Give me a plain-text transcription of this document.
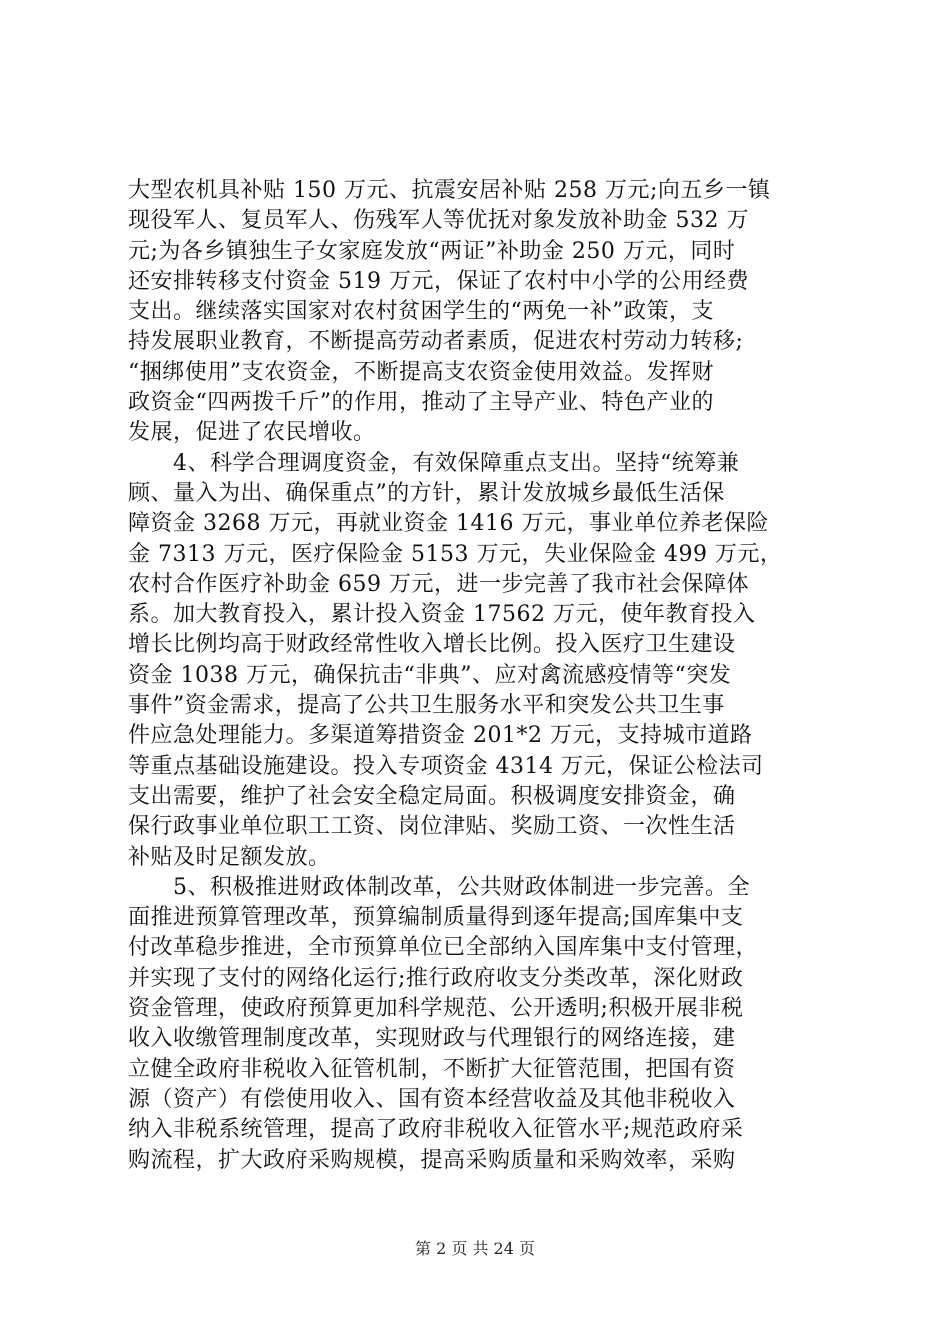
大型农机具补贴 150 万元、抗震安居补贴 258 万元;向五乡一镇
现役军人、复员军人、伤残军人等优抚对象发放补助金 532 万
元;为各乡镇独生子女家庭发放“两证”补助金 250 万元，同时
还安排转移支付资金 519 万元，保证了农村中小学的公用经费
支出。继续落实国家对农村贫困学生的“两免一补”政策，支
持发展职业教育，不断提高劳动者素质，促进农村劳动力转移;
“捆绑使用”支农资金，不断提高支农资金使用效益。发挥财
政资金“四两拨千斤”的作用，推动了主导产业、特色产业的
发展，促进了农民增收。
　　4、科学合理调度资金，有效保障重点支出。坚持“统筹兼
顾、量入为出、确保重点”的方针，累计发放城乡最低生活保
障资金 3268 万元，再就业资金 1416 万元，事业单位养老保险
金 7313 万元，医疗保险金 5153 万元，失业保险金 499 万元，
农村合作医疗补助金 659 万元，进一步完善了我市社会保障体
系。加大教育投入，累计投入资金 17562 万元，使年教育投入
增长比例均高于财政经常性收入增长比例。投入医疗卫生建设
资金 1038 万元，确保抗击“非典”、应对禽流感疫情等“突发
事件”资金需求，提高了公共卫生服务水平和突发公共卫生事
件应急处理能力。多渠道筹措资金 201*2 万元，支持城市道路
等重点基础设施建设。投入专项资金 4314 万元，保证公检法司
支出需要，维护了社会安全稳定局面。积极调度安排资金，确
保行政事业单位职工工资、岗位津贴、奖励工资、一次性生活
补贴及时足额发放。
　　5、积极推进财政体制改革，公共财政体制进一步完善。全
面推进预算管理改革，预算编制质量得到逐年提高;国库集中支
付改革稳步推进，全市预算单位已全部纳入国库集中支付管理，
并实现了支付的网络化运行;推行政府收支分类改革，深化财政
资金管理，使政府预算更加科学规范、公开透明;积极开展非税
收入收缴管理制度改革，实现财政与代理银行的网络连接，建
立健全政府非税收入征管机制，不断扩大征管范围，把国有资
源（资产）有偿使用收入、国有资本经营收益及其他非税收入
纳入非税系统管理，提高了政府非税收入征管水平;规范政府采
购流程，扩大政府采购规模，提高采购质量和采购效率，采购
第 2 页 共 24 页
